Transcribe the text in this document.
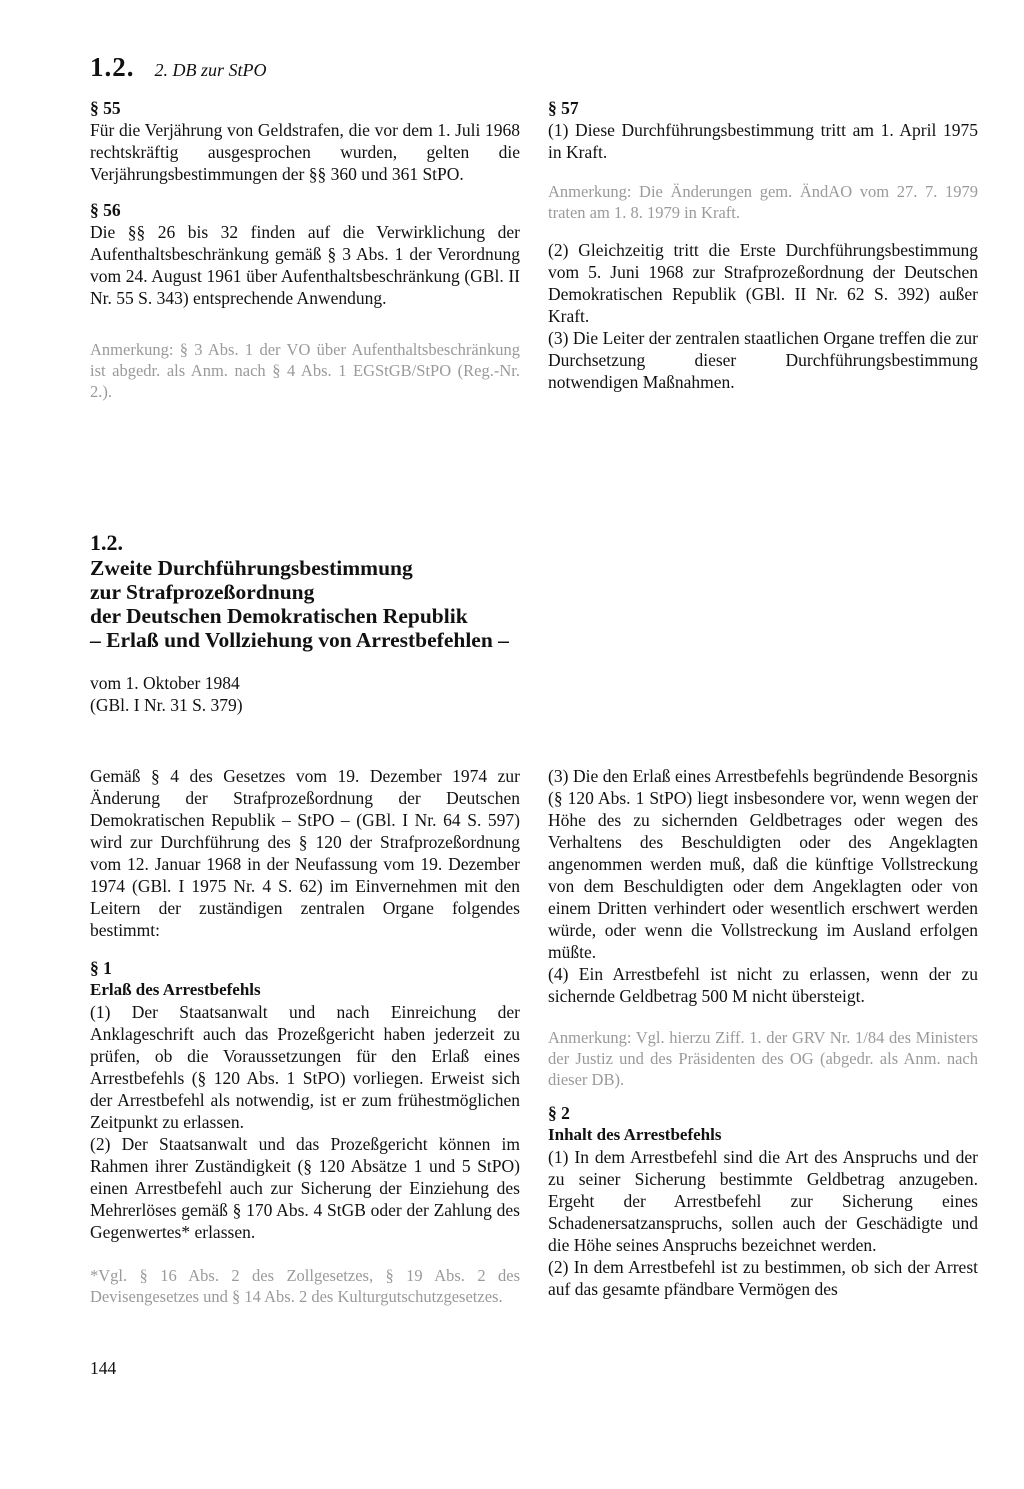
1.2. 2. DB zur StPO
§ 55

Für die Verjährung von Geldstrafen, die vor dem 1. Juli 1968 rechtskräftig ausgesprochen wurden, gelten die Verjährungsbestimmungen der §§ 360 und 361 StPO.

§ 56

Die §§ 26 bis 32 finden auf die Verwirklichung der Aufenthaltsbeschränkung gemäß § 3 Abs. 1 der Verordnung vom 24. August 1961 über Aufenthaltsbeschränkung (GBl. II Nr. 55 S. 343) entsprechende Anwendung.

Anmerkung: § 3 Abs. 1 der VO über Aufenthaltsbeschränkung ist abgedr. als Anm. nach § 4 Abs. 1 EGStGB/StPO (Reg.-Nr. 2.).

§ 57

(1) Diese Durchführungsbestimmung tritt am 1. April 1975 in Kraft.

Anmerkung: Die Änderungen gem. ÄndAO vom 27. 7. 1979 traten am 1. 8. 1979 in Kraft.

(2) Gleichzeitig tritt die Erste Durchführungsbestimmung vom 5. Juni 1968 zur Strafprozeßordnung der Deutschen Demokratischen Republik (GBl. II Nr. 62 S. 392) außer Kraft.

(3) Die Leiter der zentralen staatlichen Organe treffen die zur Durchsetzung dieser Durchführungsbestimmung notwendigen Maßnahmen.

1.2.

Zweite Durchführungsbestimmung

zur Strafprozeßordnung

der Deutschen Demokratischen Republik

– Erlaß und Vollziehung von Arrestbefehlen –

vom 1. Oktober 1984

(GBl. I Nr. 31 S. 379)

Gemäß § 4 des Gesetzes vom 19. Dezember 1974 zur Änderung der Strafprozeßordnung der Deutschen Demokratischen Republik – StPO – (GBl. I Nr. 64 S. 597) wird zur Durchführung des § 120 der Strafprozeßordnung vom 12. Januar 1968 in der Neufassung vom 19. Dezember 1974 (GBl. I 1975 Nr. 4 S. 62) im Einvernehmen mit den Leitern der zuständigen zentralen Organe folgendes bestimmt:

§ 1
Erlaß des Arrestbefehls

(1) Der Staatsanwalt und nach Einreichung der Anklageschrift auch das Prozeßgericht haben jederzeit zu prüfen, ob die Voraussetzungen für den Erlaß eines Arrestbefehls (§ 120 Abs. 1 StPO) vorliegen. Erweist sich der Arrestbefehl als notwendig, ist er zum frühestmöglichen Zeitpunkt zu erlassen.

(2) Der Staatsanwalt und das Prozeßgericht können im Rahmen ihrer Zuständigkeit (§ 120 Absätze 1 und 5 StPO) einen Arrestbefehl auch zur Sicherung der Einziehung des Mehrerlöses gemäß § 170 Abs. 4 StGB oder der Zahlung des Gegenwertes* erlassen.

*Vgl. § 16 Abs. 2 des Zollgesetzes, § 19 Abs. 2 des Devisengesetzes und § 14 Abs. 2 des Kulturgutschutzgesetzes.

(3) Die den Erlaß eines Arrestbefehls begründende Besorgnis (§ 120 Abs. 1 StPO) liegt insbesondere vor, wenn wegen der Höhe des zu sichernden Geldbetrages oder wegen des Verhaltens des Beschuldigten oder des Angeklagten angenommen werden muß, daß die künftige Vollstreckung von dem Beschuldigten oder dem Angeklagten oder von einem Dritten verhindert oder wesentlich erschwert werden würde, oder wenn die Vollstreckung im Ausland erfolgen müßte.

(4) Ein Arrestbefehl ist nicht zu erlassen, wenn der zu sichernde Geldbetrag 500 M nicht übersteigt.

Anmerkung: Vgl. hierzu Ziff. 1. der GRV Nr. 1/84 des Ministers der Justiz und des Präsidenten des OG (abgedr. als Anm. nach dieser DB).

§ 2
Inhalt des Arrestbefehls

(1) In dem Arrestbefehl sind die Art des Anspruchs und der zu seiner Sicherung bestimmte Geldbetrag anzugeben. Ergeht der Arrestbefehl zur Sicherung eines Schadenersatzanspruchs, sollen auch der Geschädigte und die Höhe seines Anspruchs bezeichnet werden.

(2) In dem Arrestbefehl ist zu bestimmen, ob sich der Arrest auf das gesamte pfändbare Vermögen des

144
